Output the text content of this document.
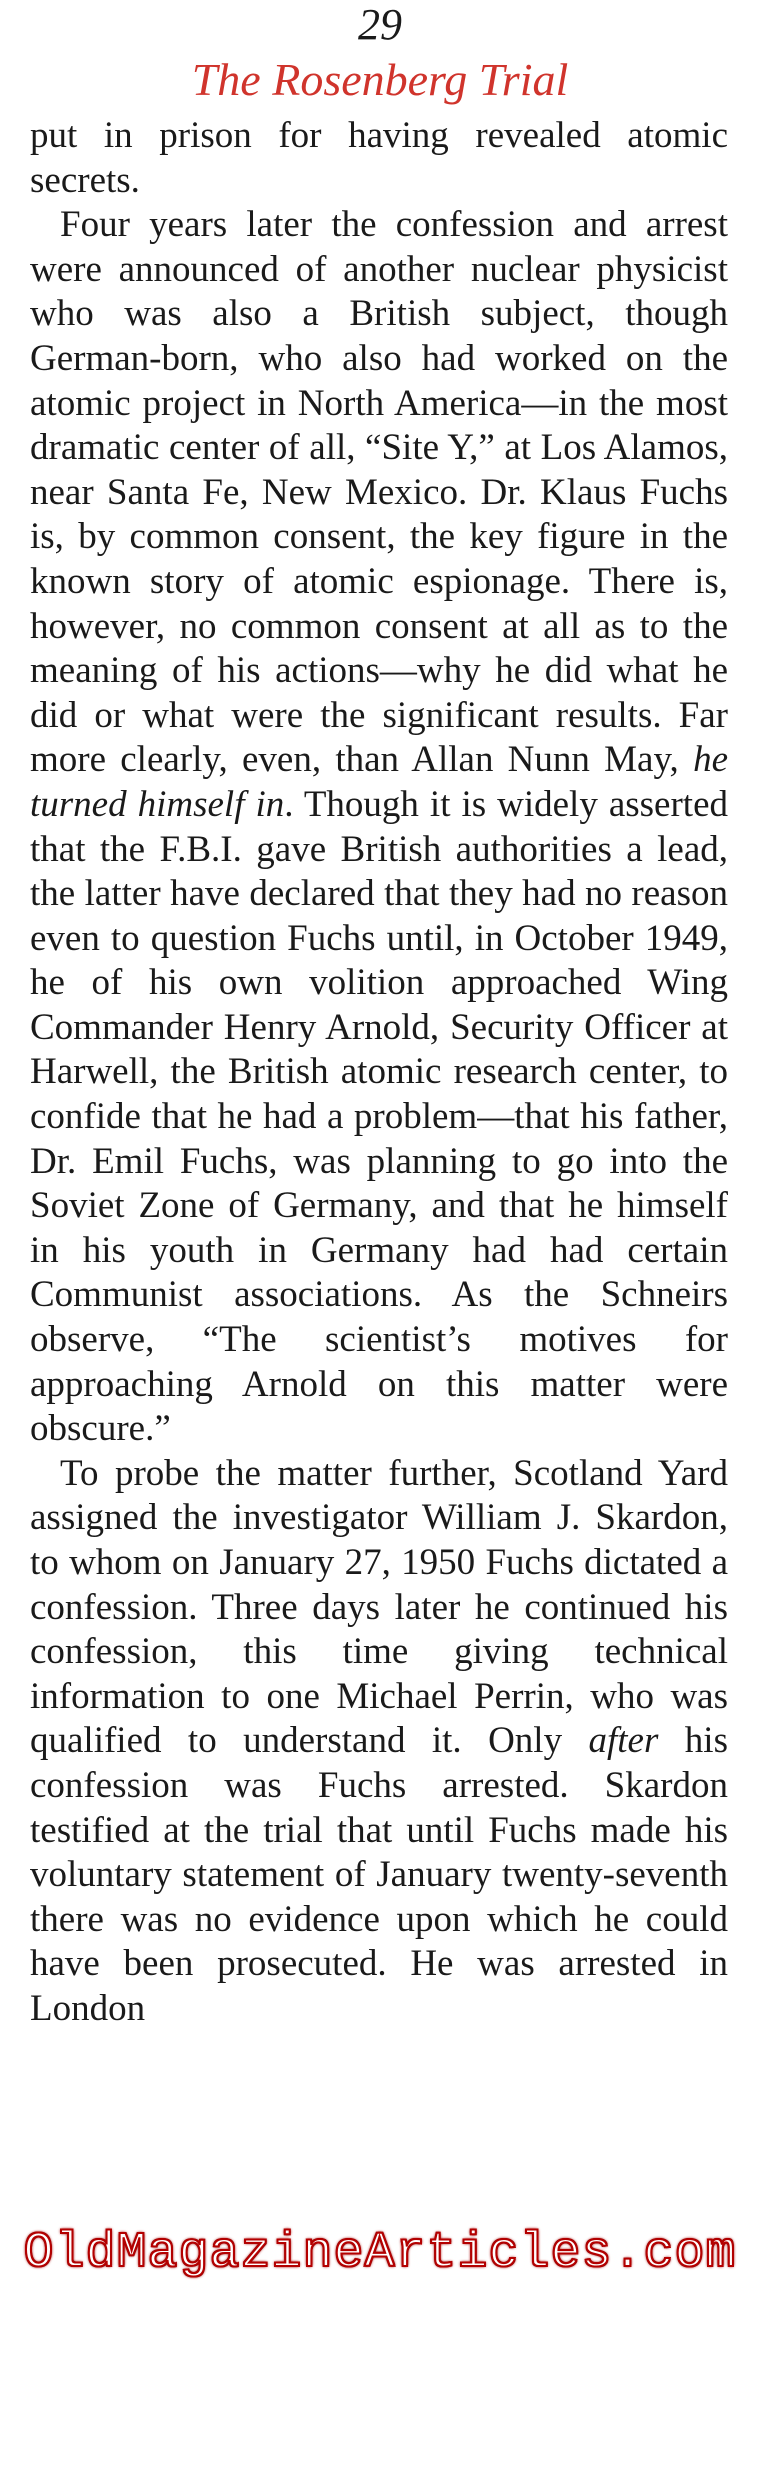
29
The Rosenberg Trial

put in prison for having revealed atomic secrets.

Four years later the confession and arrest were announced of another nuclear physicist who was also a British subject, though German-born, who also had worked on the atomic project in North America—in the most dramatic center of all, “Site Y,” at Los Alamos, near Santa Fe, New Mexico. Dr. Klaus Fuchs is, by common consent, the key figure in the known story of atomic espionage. There is, however, no common consent at all as to the meaning of his actions—why he did what he did or what were the significant results. Far more clearly, even, than Allan Nunn May, he turned himself in. Though it is widely asserted that the F.B.I. gave British authorities a lead, the latter have declared that they had no reason even to question Fuchs until, in October 1949, he of his own volition approached Wing Commander Henry Arnold, Security Officer at Harwell, the British atomic research center, to confide that he had a problem—that his father, Dr. Emil Fuchs, was planning to go into the Soviet Zone of Germany, and that he himself in his youth in Germany had had certain Communist associations. As the Schneirs observe, “The scientist’s motives for approaching Arnold on this matter were obscure.”

To probe the matter further, Scotland Yard assigned the investigator William J. Skardon, to whom on January 27, 1950 Fuchs dictated a confession. Three days later he continued his confession, this time giving technical information to one Michael Perrin, who was qualified to understand it. Only after his confession was Fuchs arrested. Skardon testified at the trial that until Fuchs made his voluntary statement of January twenty-seventh there was no evidence upon which he could have been prosecuted. He was arrested in London

OldMagazineArticles.com
